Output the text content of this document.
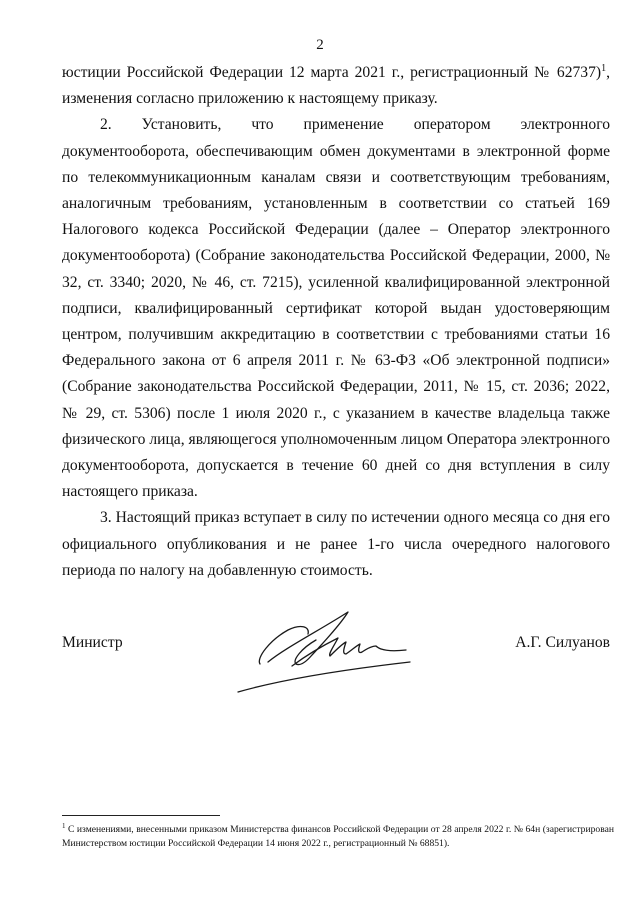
2

юстиции Российской Федерации 12 марта 2021 г., регистрационный № 62737)$^1$, изменения согласно приложению к настоящему приказу.

2. Установить, что применение оператором электронного документооборота, обеспечивающим обмен документами в электронной форме по телекоммуникационным каналам связи и соответствующим требованиям, аналогичным требованиям, установленным в соответствии со статьей 169 Налогового кодекса Российской Федерации (далее – Оператор электронного документооборота) (Собрание законодательства Российской Федерации, 2000, № 32, ст. 3340; 2020, № 46, ст. 7215), усиленной квалифицированной электронной подписи, квалифицированный сертификат которой выдан удостоверяющим центром, получившим аккредитацию в соответствии с требованиями статьи 16 Федерального закона от 6 апреля 2011 г. № 63-ФЗ «Об электронной подписи» (Собрание законодательства Российской Федерации, 2011, № 15, ст. 2036; 2022, № 29, ст. 5306) после 1 июля 2020 г., с указанием в качестве владельца также физического лица, являющегося уполномоченным лицом Оператора электронного документооборота, допускается в течение 60 дней со дня вступления в силу настоящего приказа.

3. Настоящий приказ вступает в силу по истечении одного месяца со дня его официального опубликования и не ранее 1-го числа очередного налогового периода по налогу на добавленную стоимость.

Министр	А.Г. Силуанов
$^1$ С изменениями, внесенными приказом Министерства финансов Российской Федерации от 28 апреля 2022 г. № 64н (зарегистрирован Министерством юстиции Российской Федерации 14 июня 2022 г., регистрационный № 68851).
